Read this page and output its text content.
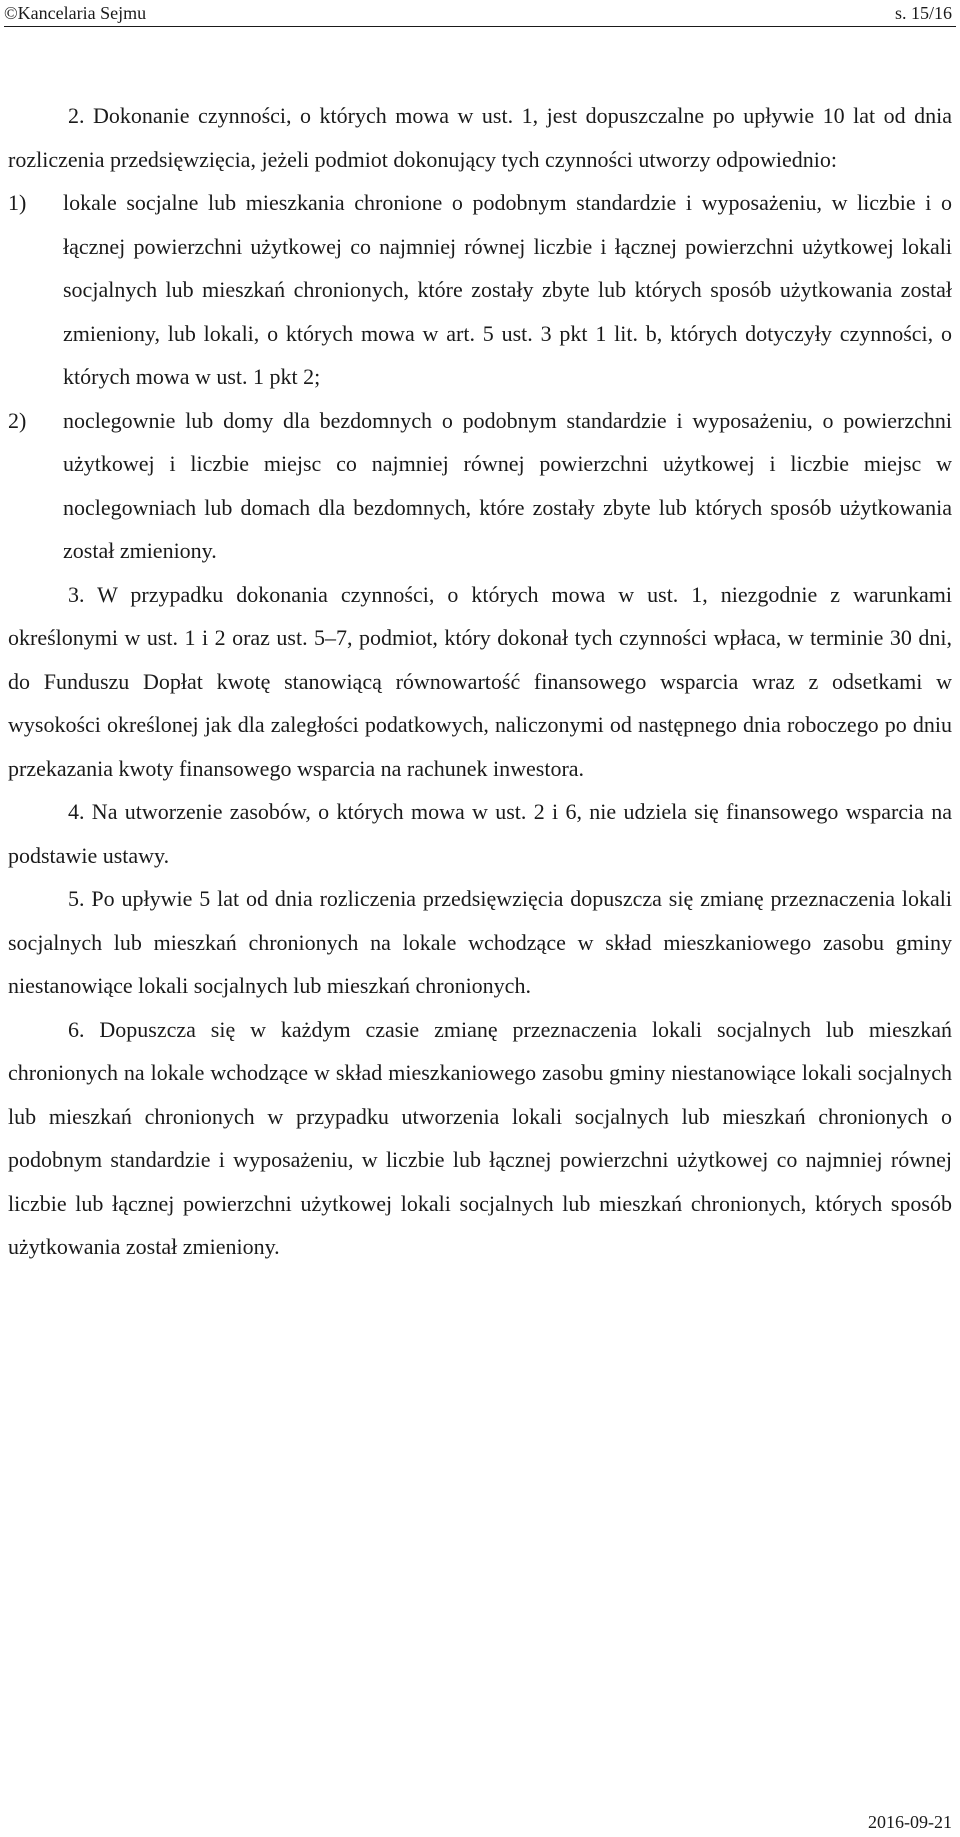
©Kancelaria Sejmu	s. 15/16

2. Dokonanie czynności, o których mowa w ust. 1, jest dopuszczalne po upływie 10 lat od dnia rozliczenia przedsięwzięcia, jeżeli podmiot dokonujący tych czynności utworzy odpowiednio:

1)	lokale socjalne lub mieszkania chronione o podobnym standardzie i wyposażeniu, w liczbie i o łącznej powierzchni użytkowej co najmniej równej liczbie i łącznej powierzchni użytkowej lokali socjalnych lub mieszkań chronionych, które zostały zbyte lub których sposób użytkowania został zmieniony, lub lokali, o których mowa w art. 5 ust. 3 pkt 1 lit. b, których dotyczyły czynności, o których mowa w ust. 1 pkt 2;
2)	noclegownie lub domy dla bezdomnych o podobnym standardzie i wyposażeniu, o powierzchni użytkowej i liczbie miejsc co najmniej równej powierzchni użytkowej i liczbie miejsc w noclegowniach lub domach dla bezdomnych, które zostały zbyte lub których sposób użytkowania został zmieniony.

3. W przypadku dokonania czynności, o których mowa w ust. 1, niezgodnie z warunkami określonymi w ust. 1 i 2 oraz ust. 5–7, podmiot, który dokonał tych czynności wpłaca, w terminie 30 dni, do Funduszu Dopłat kwotę stanowiącą równowartość finansowego wsparcia wraz z odsetkami w wysokości określonej jak dla zaległości podatkowych, naliczonymi od następnego dnia roboczego po dniu przekazania kwoty finansowego wsparcia na rachunek inwestora.

4. Na utworzenie zasobów, o których mowa w ust. 2 i 6, nie udziela się finansowego wsparcia na podstawie ustawy.

5. Po upływie 5 lat od dnia rozliczenia przedsięwzięcia dopuszcza się zmianę przeznaczenia lokali socjalnych lub mieszkań chronionych na lokale wchodzące w skład mieszkaniowego zasobu gminy niestanowiące lokali socjalnych lub mieszkań chronionych.

6. Dopuszcza się w każdym czasie zmianę przeznaczenia lokali socjalnych lub mieszkań chronionych na lokale wchodzące w skład mieszkaniowego zasobu gminy niestanowiące lokali socjalnych lub mieszkań chronionych w przypadku utworzenia lokali socjalnych lub mieszkań chronionych o podobnym standardzie i wyposażeniu, w liczbie lub łącznej powierzchni użytkowej co najmniej równej liczbie lub łącznej powierzchni użytkowej lokali socjalnych lub mieszkań chronionych, których sposób użytkowania został zmieniony.

2016-09-21
